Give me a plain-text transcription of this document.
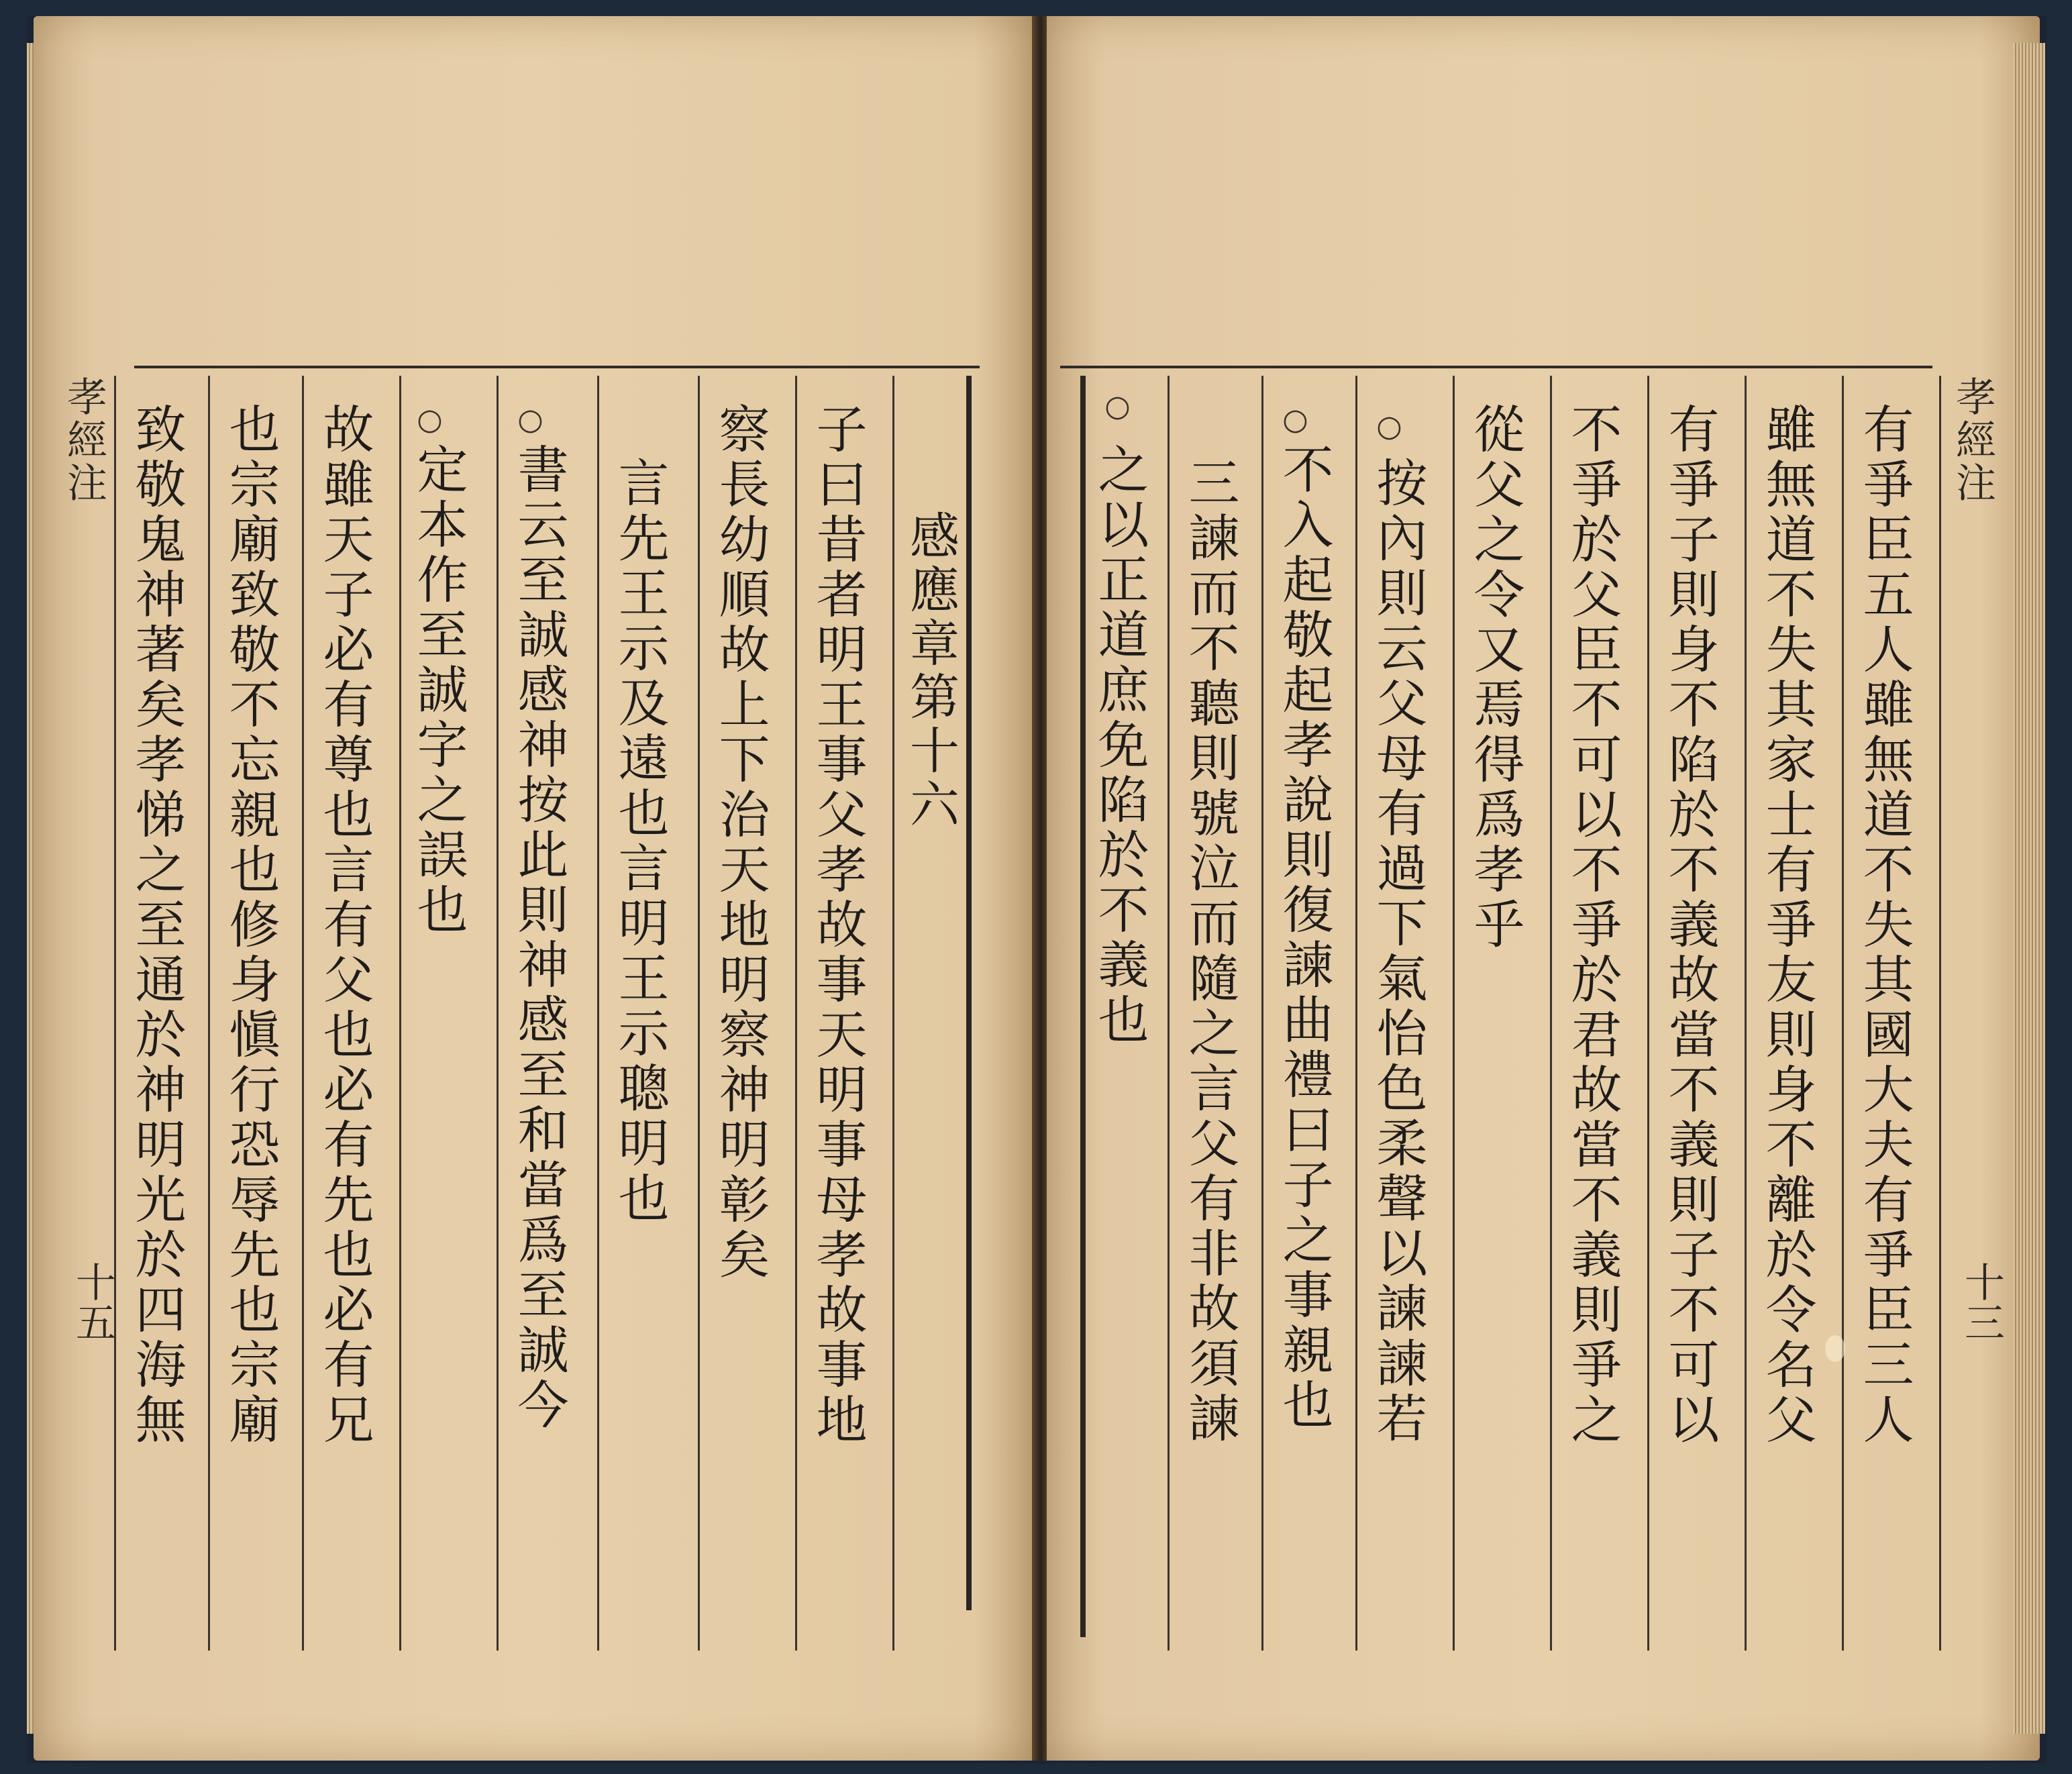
感應章第十六
子曰昔者明王事父孝故事天明事母孝故事地
察長幼順故上下治天地明察神明彰矣
言先王示及遠也言明王示聰明也
○
書云至誠感神按此則神感至和當爲至誠今
○
定本作至誠字之誤也
故雖天子必有尊也言有父也必有先也必有兄
也宗廟致敬不忘親也修身愼行恐辱先也宗廟
致敬鬼神著矣孝悌之至通於神明光於四海無
孝經注
十五	有爭臣五人雖無道不失其國大夫有爭臣三人
雖無道不失其家士有爭友則身不離於令名父
有爭子則身不陷於不義故當不義則子不可以
不爭於父臣不可以不爭於君故當不義則爭之
從父之令又焉得爲孝乎
○
按內則云父母有過下氣怡色柔聲以諫諫若
○
不入起敬起孝說則復諫曲禮曰子之事親也
三諫而不聽則號泣而隨之言父有非故須諫
○
之以正道庶免陷於不義也
孝經注
十三
